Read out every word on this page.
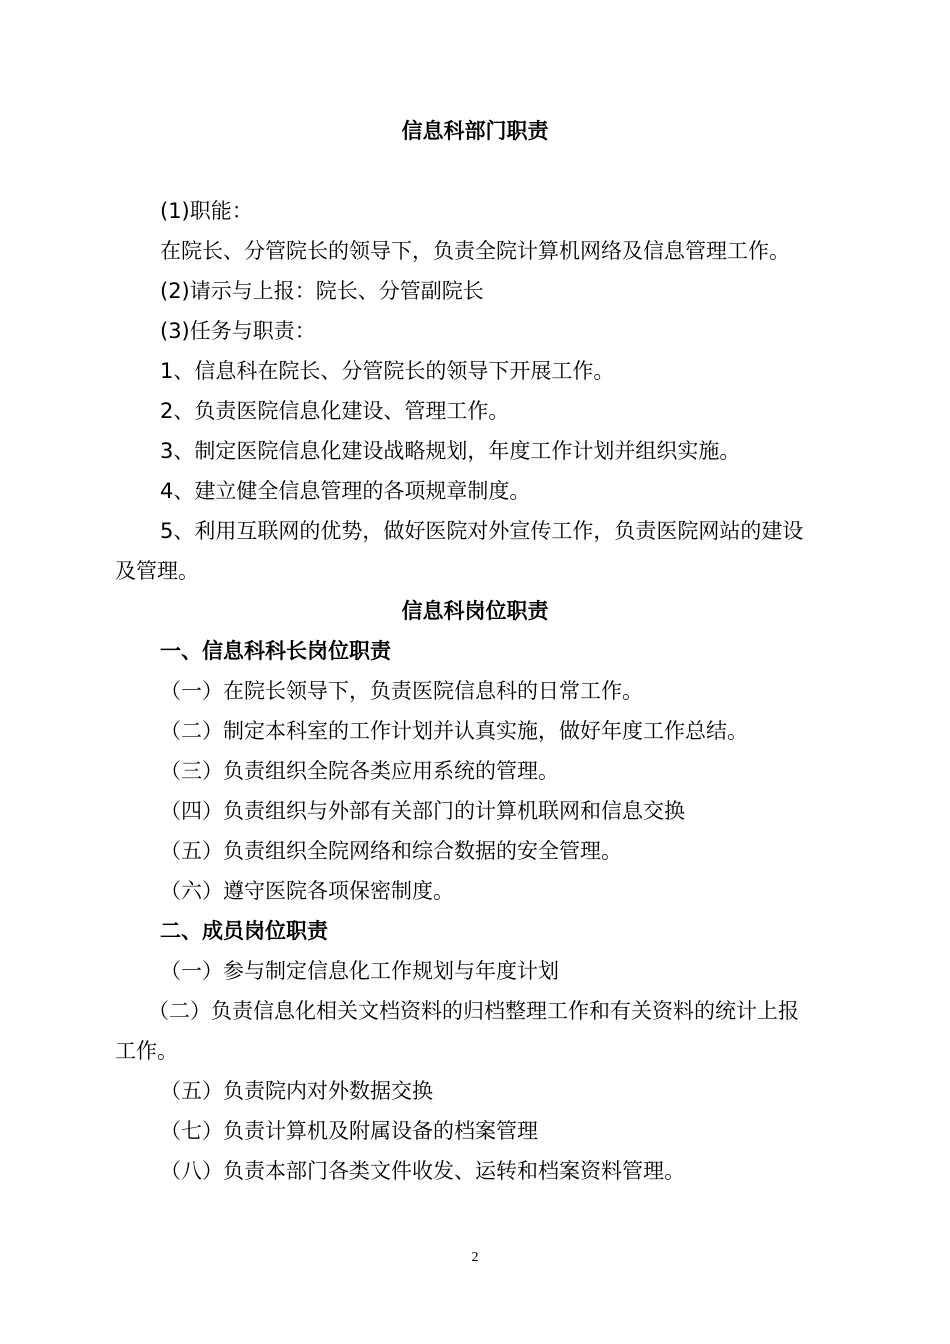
信息科部门职责
(1)职能：
在院长、分管院长的领导下，负责全院计算机网络及信息管理工作。
(2)请示与上报：院长、分管副院长
(3)任务与职责：
1、信息科在院长、分管院长的领导下开展工作。
2、负责医院信息化建设、管理工作。
3、制定医院信息化建设战略规划，年度工作计划并组织实施。
4、建立健全信息管理的各项规章制度。
5、利用互联网的优势，做好医院对外宣传工作，负责医院网站的建设
及管理。
信息科岗位职责
一、信息科科长岗位职责
（一）在院长领导下，负责医院信息科的日常工作。
（二）制定本科室的工作计划并认真实施，做好年度工作总结。
（三）负责组织全院各类应用系统的管理。
（四）负责组织与外部有关部门的计算机联网和信息交换
（五）负责组织全院网络和综合数据的安全管理。
（六）遵守医院各项保密制度。
二、成员岗位职责
（一）参与制定信息化工作规划与年度计划
（二）负责信息化相关文档资料的归档整理工作和有关资料的统计上报
工作。
（五）负责院内对外数据交换
（七）负责计算机及附属设备的档案管理
（八）负责本部门各类文件收发、运转和档案资料管理。
2
